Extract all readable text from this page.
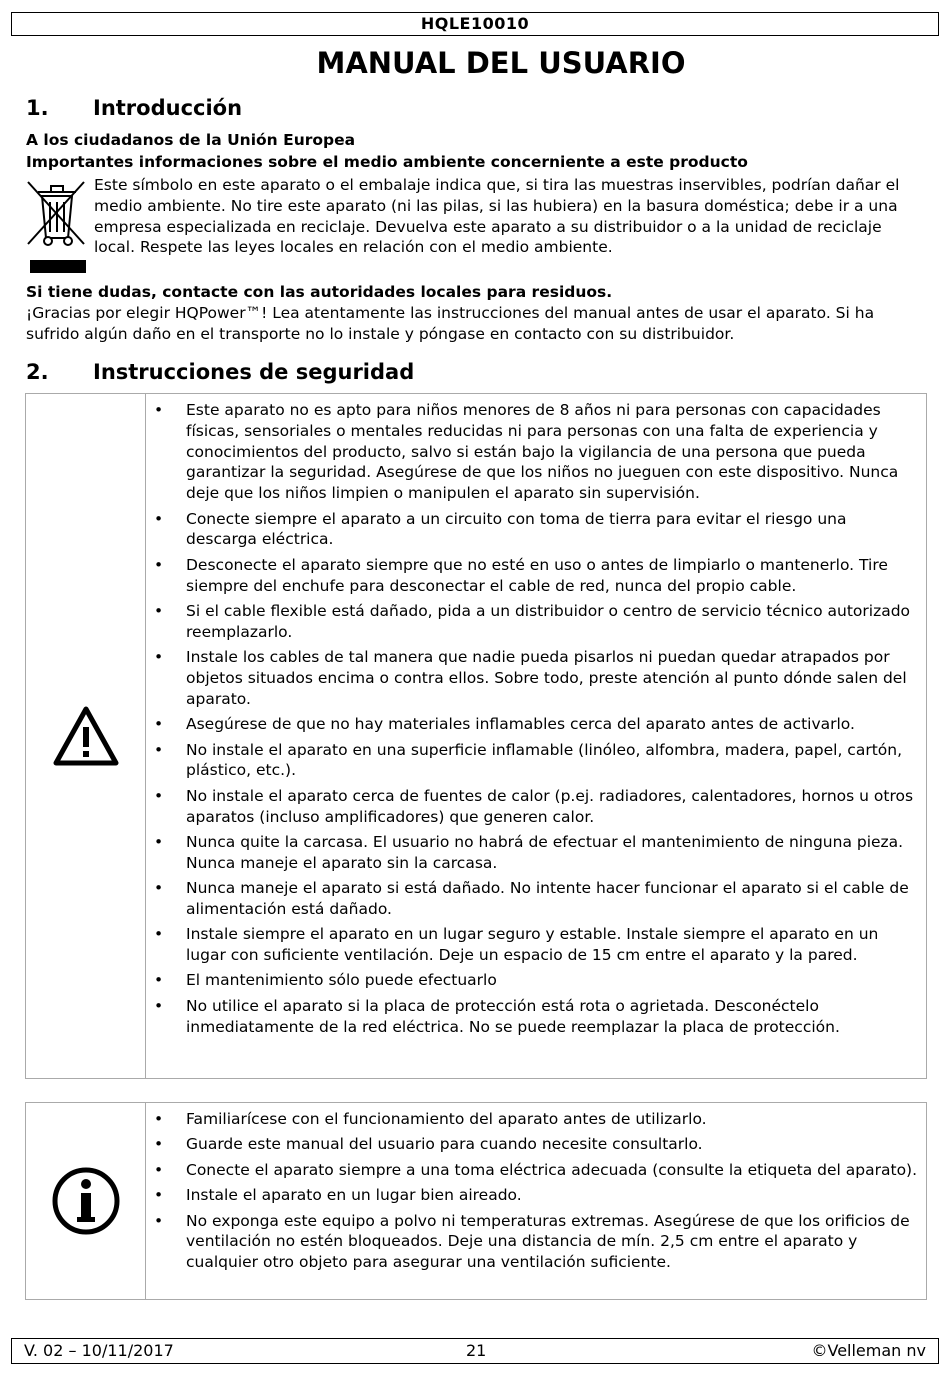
HQLE10010
MANUAL DEL USUARIO
1. Introducción
A los ciudadanos de la Unión Europea
Importantes informaciones sobre el medio ambiente concerniente a este producto
Este símbolo en este aparato o el embalaje indica que, si tira las muestras inservibles, podrían dañar el medio ambiente. No tire este aparato (ni las pilas, si las hubiera) en la basura doméstica; debe ir a una empresa especializada en reciclaje. Devuelva este aparato a su distribuidor o a la unidad de reciclaje local. Respete las leyes locales en relación con el medio ambiente.
Si tiene dudas, contacte con las autoridades locales para residuos.
¡Gracias por elegir HQPower™! Lea atentamente las instrucciones del manual antes de usar el aparato. Si ha sufrido algún daño en el transporte no lo instale y póngase en contacto con su distribuidor.
2. Instrucciones de seguridad
• Este aparato no es apto para niños menores de 8 años ni para personas con capacidades físicas, sensoriales o mentales reducidas ni para personas con una falta de experiencia y conocimientos del producto, salvo si están bajo la vigilancia de una persona que pueda garantizar la seguridad. Asegúrese de que los niños no jueguen con este dispositivo. Nunca deje que los niños limpien o manipulen el aparato sin supervisión.
• Conecte siempre el aparato a un circuito con toma de tierra para evitar el riesgo una descarga eléctrica.
• Desconecte el aparato siempre que no esté en uso o antes de limpiarlo o mantenerlo. Tire siempre del enchufe para desconectar el cable de red, nunca del propio cable.
• Si el cable flexible está dañado, pida a un distribuidor o centro de servicio técnico autorizado reemplazarlo.
• Instale los cables de tal manera que nadie pueda pisarlos ni puedan quedar atrapados por objetos situados encima o contra ellos. Sobre todo, preste atención al punto dónde salen del aparato.
• Asegúrese de que no hay materiales inflamables cerca del aparato antes de activarlo.
• No instale el aparato en una superficie inflamable (linóleo, alfombra, madera, papel, cartón, plástico, etc.).
• No instale el aparato cerca de fuentes de calor (p.ej. radiadores, calentadores, hornos u otros aparatos (incluso amplificadores) que generen calor.
• Nunca quite la carcasa. El usuario no habrá de efectuar el mantenimiento de ninguna pieza. Nunca maneje el aparato sin la carcasa.
• Nunca maneje el aparato si está dañado. No intente hacer funcionar el aparato si el cable de alimentación está dañado.
• Instale siempre el aparato en un lugar seguro y estable. Instale siempre el aparato en un lugar con suficiente ventilación. Deje un espacio de 15 cm entre el aparato y la pared.
• El mantenimiento sólo puede efectuarlo
• No utilice el aparato si la placa de protección está rota o agrietada. Desconéctelo inmediatamente de la red eléctrica. No se puede reemplazar la placa de protección.
• Familiarícese con el funcionamiento del aparato antes de utilizarlo.
• Guarde este manual del usuario para cuando necesite consultarlo.
• Conecte el aparato siempre a una toma eléctrica adecuada (consulte la etiqueta del aparato).
• Instale el aparato en un lugar bien aireado.
• No exponga este equipo a polvo ni temperaturas extremas. Asegúrese de que los orificios de ventilación no estén bloqueados. Deje una distancia de mín. 2,5 cm entre el aparato y cualquier otro objeto para asegurar una ventilación suficiente.
V. 02 – 10/11/2017	21	©Velleman nv
